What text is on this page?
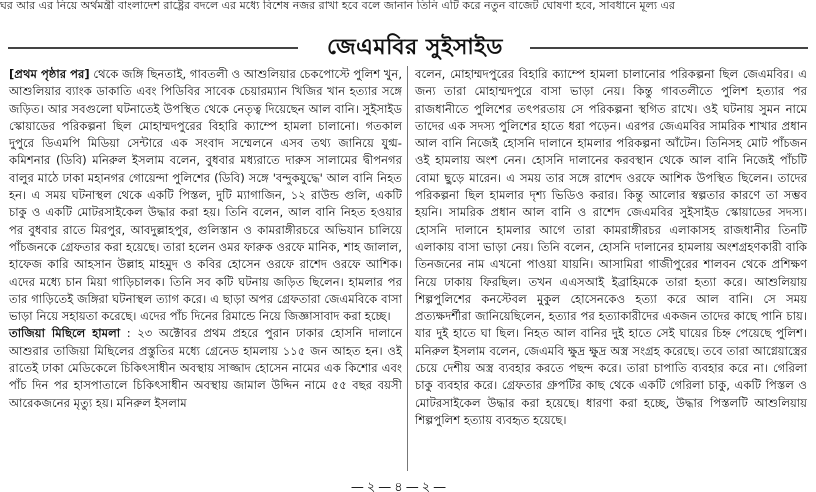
ঘর আর এর নিয়ে অর্থমন্ত্রী বাংলাদেশ রাষ্ট্রের বদলে এর মধ্যে বিশেষ নজর রাখা হবে বলে জানান তিনি এটি করে নতুন বাজেট ঘোষণা হবে, সাবধানে মূল্য এর
জেএমবির সুইসাইড

[প্রথম পৃষ্ঠার পর] থেকে জঙ্গি ছিনতাই, গাবতলী ও আশুলিয়ার চেকপোস্টে পুলিশ খুন, আশুলিয়ার ব্যাংক ডাকাতি এবং পিডিবির সাবেক চেয়ারম্যান খিজির খান হত্যার সঙ্গে জড়িত। আর সবগুলো ঘটনাতেই উপস্থিত থেকে নেতৃত্ব দিয়েছেন আল বানি। সুইসাইড স্কোয়াডের পরিকল্পনা ছিল মোহাম্মদপুরের বিহারি ক্যাম্পে হামলা চালানো। গতকাল দুপুরে ডিএমপি মিডিয়া সেন্টারে এক সংবাদ সম্মেলনে এসব তথ্য জানিয়ে যুগ্ম-কমিশনার (ডিবি) মনিরুল ইসলাম বলেন, বুধবার মধ্যরাতে দারুস সালামের দ্বীপনগর বালুর মাঠে ঢাকা মহানগর গোয়েন্দা পুলিশের (ডিবি) সঙ্গে 'বন্দুকযুদ্ধে' আল বানি নিহত হন। এ সময় ঘটনাস্থল থেকে একটি পিস্তল, দুটি ম্যাগাজিন, ১২ রাউন্ড গুলি, একটি চাকু ও একটি মোটরসাইকেল উদ্ধার করা হয়। তিনি বলেন, আল বানি নিহত হওয়ার পর বুধবার রাতে মিরপুর, আবদুল্লাহপুর, গুলিস্তান ও কামরাঙ্গীরচরে অভিযান চালিয়ে পাঁচজনকে গ্রেফতার করা হয়েছে। তারা হলেন ওমর ফারুক ওরফে মানিক, শাহ জালাল, হাফেজ কারি আহসান উল্লাহ মাহমুদ ও কবির হোসেন ওরফে রাশেদ ওরফে আশিক। এদের মধ্যে চান মিয়া গাড়িচালক। তিনি সব কটি ঘটনায় জড়িত ছিলেন। হামলার পর তার গাড়িতেই জঙ্গিরা ঘটনাস্থল ত্যাগ করে। এ ছাড়া অপর গ্রেফতারা জেএমবিকে বাসা ভাড়া নিয়ে সহায়তা করেছে। এদের পাঁচ দিনের রিমান্ডে নিয়ে জিজ্ঞাসাবাদ করা হচ্ছে।

তাজিয়া মিছিলে হামলা : ২৩ অক্টোবর প্রথম প্রহরে পুরান ঢাকার হোসনি দালানে আশুরার তাজিয়া মিছিলের প্রস্তুতির মধ্যে গ্রেনেড হামলায় ১১৫ জন আহত হন। ওই রাতেই ঢাকা মেডিকেলে চিকিৎসাধীন অবস্থায় সাজ্জাদ হোসেন নামের এক কিশোর এবং পাঁচ দিন পর হাসপাতালে চিকিৎসাধীন অবস্থায় জামাল উদ্দিন নামে ৫৫ বছর বয়সী আরেকজনের মৃত্যু হয়। মনিরুল ইসলাম

বলেন, মোহাম্মদপুরের বিহারি ক্যাম্পে হামলা চালানোর পরিকল্পনা ছিল জেএমবির। এ জন্য তারা মোহাম্মদপুরে বাসা ভাড়া নেয়। কিন্তু গাবতলীতে পুলিশ হত্যার পর রাজধানীতে পুলিশের তৎপরতায় সে পরিকল্পনা স্থগিত রাখে। ওই ঘটনায় সুমন নামে তাদের এক সদস্য পুলিশের হাতে ধরা পড়েন। এরপর জেএমবির সামরিক শাখার প্রধান আল বানি নিজেই হোসনি দালানে হামলার পরিকল্পনা আঁটেন। তিনিসহ মোট পাঁচজন ওই হামলায় অংশ নেন। হোসনি দালানের করবস্থান থেকে আল বানি নিজেই পাঁচটি বোমা ছুড়ে মারেন। এ সময় তার সঙ্গে রাশেদ ওরফে আশিক উপস্থিত ছিলেন। তাদের পরিকল্পনা ছিল হামলার দৃশ্য ভিডিও করার। কিন্তু আলোর স্বল্পতার কারণে তা সম্ভব হয়নি। সামরিক প্রধান আল বানি ও রাশেদ জেএমবির সুইসাইড স্কোয়াডের সদস্য। হোসনি দালানে হামলার আগে তারা কামরাঙ্গীরচর এলাকাসহ রাজধানীর তিনটি এলাকায় বাসা ভাড়া নেয়। তিনি বলেন, হোসনি দালানের হামলায় অংশগ্রহণকারী বাকি তিনজনের নাম এখনো পাওয়া যায়নি। আসামিরা গাজীপুরের শালবন থেকে প্রশিক্ষণ নিয়ে ঢাকায় ফিরছিল। তখন এএসআই ইব্রাহিমকে তারা হত্যা করে। আশুলিয়ায় শিল্পপুলিশের কনস্টেবল মুকুল হোসেনকেও হত্যা করে আল বানি। সে সময় প্রত্যক্ষদর্শীরা জানিয়েছিলেন, হত্যার পর হত্যাকারীদের একজন তাদের কাছে পানি চায়। যার দুই হাতে ঘা ছিল। নিহত আল বানির দুই হাতে সেই ঘায়ের চিহ্ন পেয়েছে পুলিশ। মনিরুল ইসলাম বলেন, জেএমবি ক্ষুদ্র ক্ষুদ্র অস্ত্র সংগ্রহ করেছে। তবে তারা আগ্নেয়াস্ত্রের চেয়ে দেশীয় অস্ত্র ব্যবহার করতে পছন্দ করে। তারা চাপাতি ব্যবহার করে না। গেরিলা চাকু ব্যবহার করে। গ্রেফতার গ্রুপটির কাছ থেকে একটি গেরিলা চাকু, একটি পিস্তল ও মোটরসাইকেল উদ্ধার করা হয়েছে। ধারণা করা হচ্ছে, উদ্ধার পিস্তলটি আশুলিয়ায় শিল্পপুলিশ হত্যায় ব্যবহৃত হয়েছে।

—২—৪—২—
